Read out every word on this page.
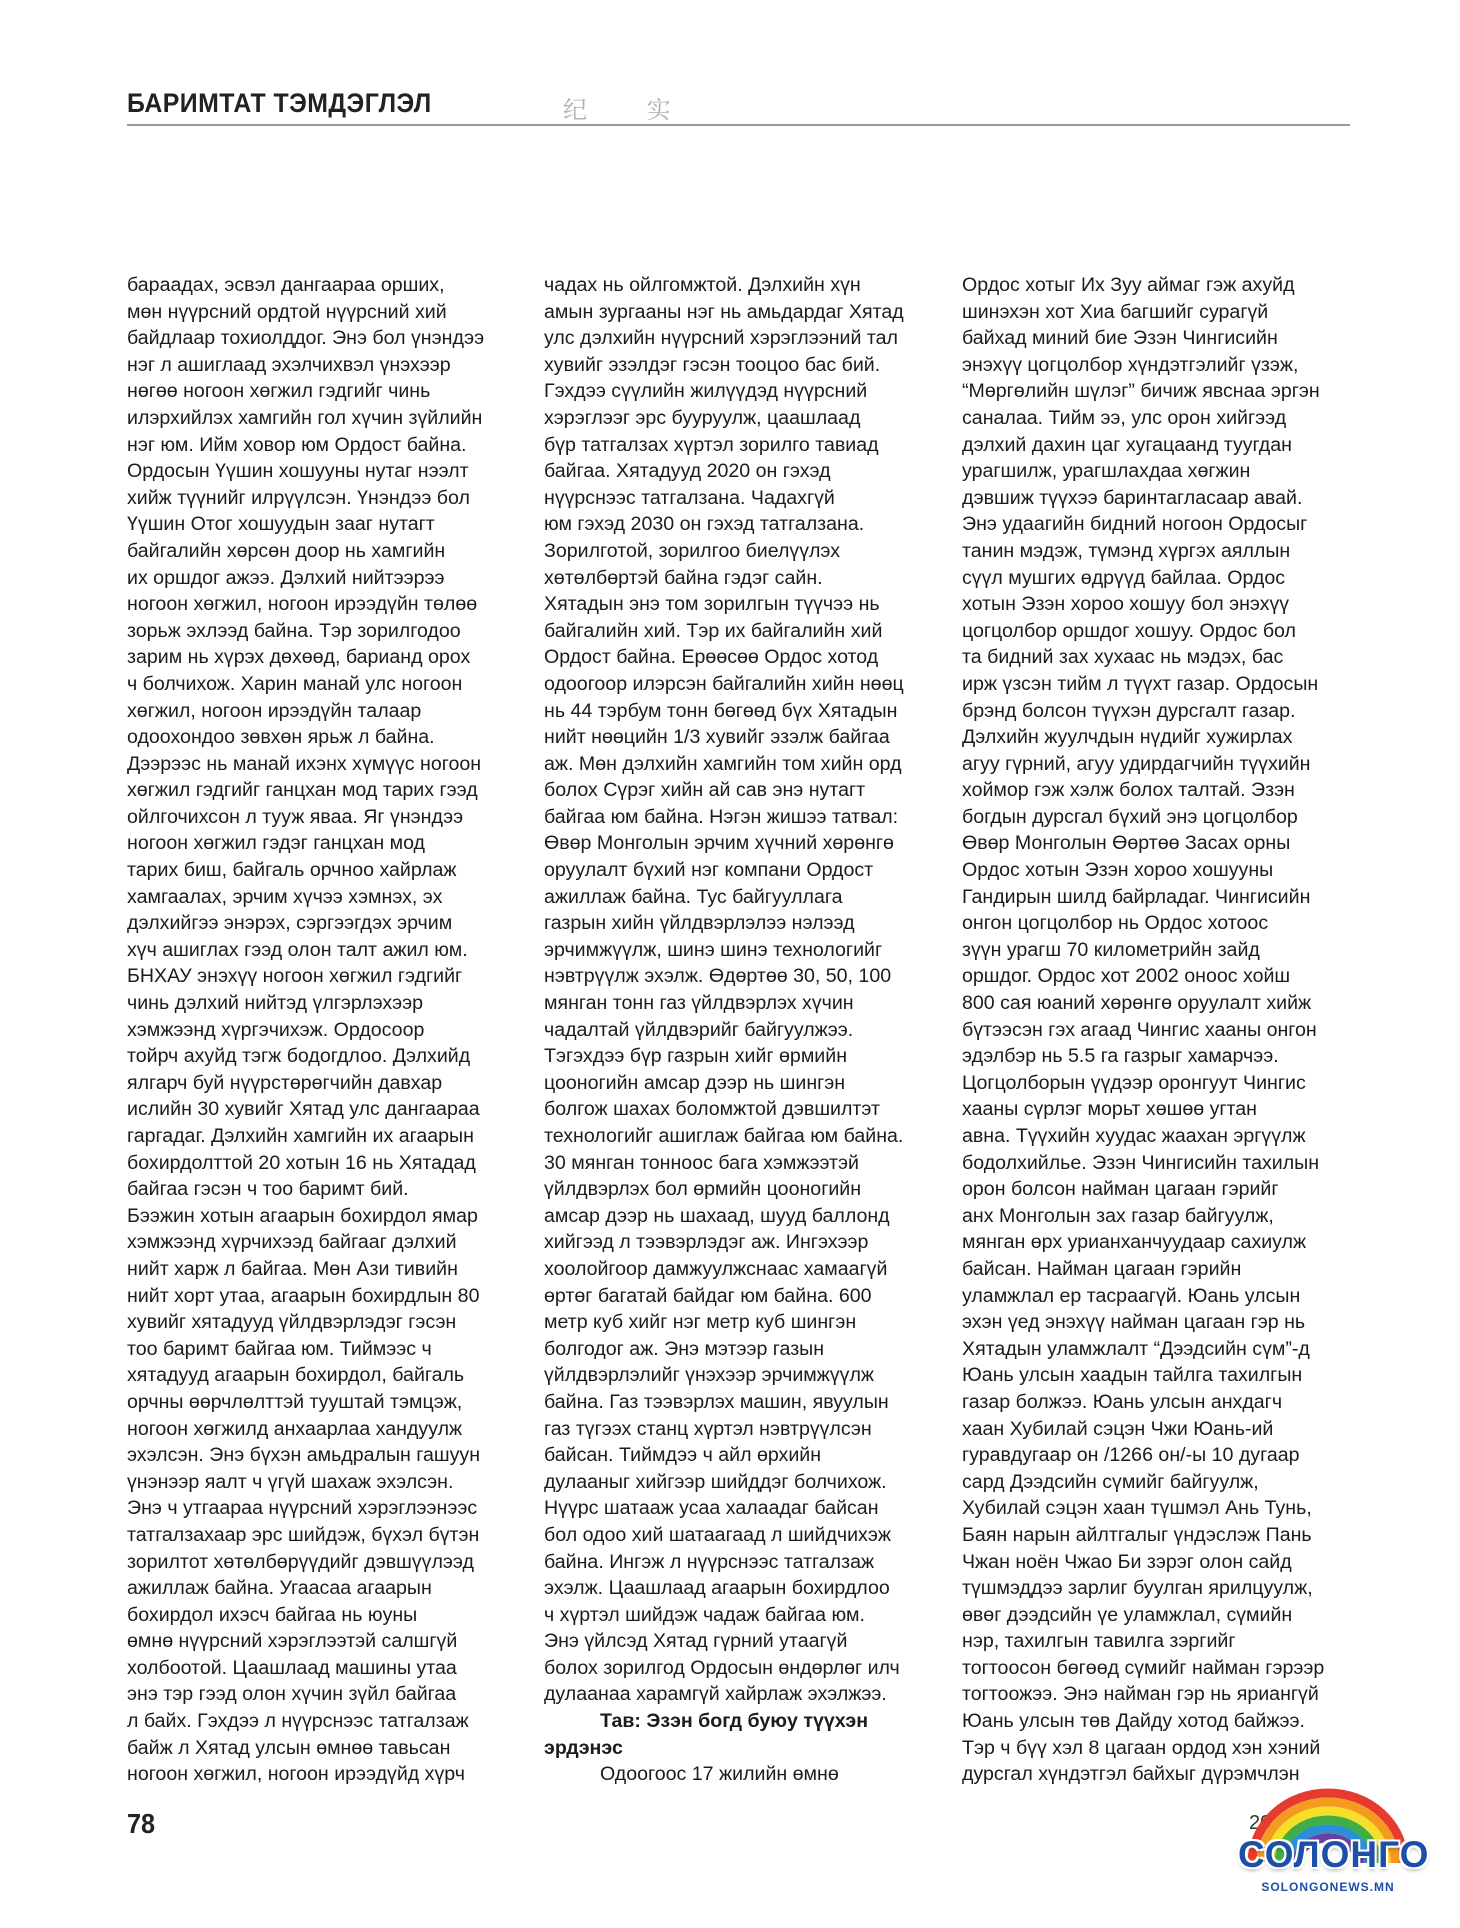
БАРИМТАТ ТЭМДЭГЛЭЛ	纪 实
бараадах, эсвэл дангаараа орших,
мөн нүүрсний ордтой нүүрсний хий
байдлаар тохиолддог. Энэ бол үнэндээ
нэг л ашиглаад эхэлчихвэл үнэхээр
нөгөө ногоон хөгжил гэдгийг чинь
илэрхийлэх хамгийн гол хүчин зүйлийн
нэг юм. Ийм ховор юм Ордост байна.
Ордосын Үүшин хошууны нутаг нээлт
хийж түүнийг илрүүлсэн. Үнэндээ бол
Үүшин Отог хошуудын зааг нутагт
байгалийн хөрсөн доор нь хамгийн
их оршдог ажээ. Дэлхий нийтээрээ
ногоон хөгжил, ногоон ирээдүйн төлөө
зорьж эхлээд байна. Тэр зорилгодоо
зарим нь хүрэх дөхөөд, барианд орох
ч болчихож. Харин манай улс ногоон
хөгжил, ногоон ирээдүйн талаар
одоохондоо зөвхөн ярьж л байна.
Дээрээс нь манай ихэнх хүмүүс ногоон
хөгжил гэдгийг ганцхан мод тарих гээд
ойлгочихсон л тууж яваа. Яг үнэндээ
ногоон хөгжил гэдэг ганцхан мод
тарих биш, байгаль орчноо хайрлаж
хамгаалах, эрчим хүчээ хэмнэх, эх
дэлхийгээ энэрэх, сэргээгдэх эрчим
хүч ашиглах гээд олон талт ажил юм.
БНХАУ энэхүү ногоон хөгжил гэдгийг
чинь дэлхий нийтэд үлгэрлэхээр
хэмжээнд хүргэчихэж. Ордосоор
тойрч ахуйд тэгж бодогдлоо. Дэлхийд
ялгарч буй нүүрстөрөгчийн давхар
ислийн 30 хувийг Хятад улс дангаараа
гаргадаг. Дэлхийн хамгийн их агаарын
бохирдолттой 20 хотын 16 нь Хятадад
байгаа гэсэн ч тоо баримт бий.
Бээжин хотын агаарын бохирдол ямар
хэмжээнд хүрчихээд байгааг дэлхий
нийт харж л байгаа. Мөн Ази тивийн
нийт хорт утаа, агаарын бохирдлын 80
хувийг хятадууд үйлдвэрлэдэг гэсэн
тоо баримт байгаа юм. Тиймээс ч
хятадууд агаарын бохирдол, байгаль
орчны өөрчлөлттэй тууштай тэмцэж,
ногоон хөгжилд анхаарлаа хандуулж
эхэлсэн. Энэ бүхэн амьдралын гашуун
үнэнээр яалт ч үгүй шахаж эхэлсэн.
Энэ ч утгаараа нүүрсний хэрэглээнээс
татгалзахаар эрс шийдэж, бүхэл бүтэн
зорилтот хөтөлбөрүүдийг дэвшүүлээд
ажиллаж байна. Угаасаа агаарын
бохирдол ихэсч байгаа нь юуны
өмнө нүүрсний хэрэглээтэй салшгүй
холбоотой. Цаашлаад машины утаа
энэ тэр гээд олон хүчин зүйл байгаа
л байх. Гэхдээ л нүүрснээс татгалзаж
байж л Хятад улсын өмнөө тавьсан
ногоон хөгжил, ногоон ирээдүйд хүрч
чадах нь ойлгомжтой. Дэлхийн хүн
амын зургааны нэг нь амьдардаг Хятад
улс дэлхийн нүүрсний хэрэглээний тал
хувийг эзэлдэг гэсэн тооцоо бас бий.
Гэхдээ сүүлийн жилүүдэд нүүрсний
хэрэглээг эрс бууруулж, цаашлаад
бүр татгалзах хүртэл зорилго тавиад
байгаа. Хятадууд 2020 он гэхэд
нүүрснээс татгалзана. Чадахгүй
юм гэхэд 2030 он гэхэд татгалзана.
Зорилготой, зорилгоо биелүүлэх
хөтөлбөртэй байна гэдэг сайн.
Хятадын энэ том зорилгын түүчээ нь
байгалийн хий. Тэр их байгалийн хий
Ордост байна. Ерөөсөө Ордос хотод
одоогоор илэрсэн байгалийн хийн нөөц
нь 44 тэрбум тонн бөгөөд бүх Хятадын
нийт нөөцийн 1/3 хувийг эзэлж байгаа
аж. Мөн дэлхийн хамгийн том хийн орд
болох Сүрэг хийн ай сав энэ нутагт
байгаа юм байна. Нэгэн жишээ татвал:
Өвөр Монголын эрчим хүчний хөрөнгө
оруулалт бүхий нэг компани Ордост
ажиллаж байна. Тус байгууллага
газрын хийн үйлдвэрлэлээ нэлээд
эрчимжүүлж, шинэ шинэ технологийг
нэвтрүүлж эхэлж. Өдөртөө 30, 50, 100
мянган тонн газ үйлдвэрлэх хүчин
чадалтай үйлдвэрийг байгуулжээ.
Тэгэхдээ бүр газрын хийг өрмийн
цооногийн амсар дээр нь шингэн
болгож шахах боломжтой дэвшилтэт
технологийг ашиглаж байгаа юм байна.
30 мянган тонноос бага хэмжээтэй
үйлдвэрлэх бол өрмийн цооногийн
амсар дээр нь шахаад, шууд баллонд
хийгээд л тээвэрлэдэг аж. Ингэхээр
хоолойгоор дамжуулжснаас хамаагүй
өртөг багатай байдаг юм байна. 600
метр куб хийг нэг метр куб шингэн
болгодог аж. Энэ мэтээр газын
үйлдвэрлэлийг үнэхээр эрчимжүүлж
байна. Газ тээвэрлэх машин, явуулын
газ түгээх станц хүртэл нэвтрүүлсэн
байсан. Тиймдээ ч айл өрхийн
дулааныг хийгээр шийддэг болчихож.
Нүүрс шатааж усаа халаадаг байсан
бол одоо хий шатаагаад л шийдчихэж
байна. Ингэж л нүүрснээс татгалзаж
эхэлж. Цаашлаад агаарын бохирдлоо
ч хүртэл шийдэж чадаж байгаа юм.
Энэ үйлсэд Хятад гүрний утаагүй
болох зорилгод Ордосын өндөрлөг илч
дулаанаа харамгүй хайрлаж эхэлжээ.
Тав: Эзэн богд буюу түүхэн
эрдэнэс
Одоогоос 17 жилийн өмнө
Ордос хотыг Их Зуу аймаг гэж ахуйд
шинэхэн хот Хиа багшийг сурагүй
байхад миний бие Эзэн Чингисийн
энэхүү цогцолбор хүндэтгэлийг үзэж,
“Мөргөлийн шүлэг” бичиж явснаа эргэн
саналаа. Тийм ээ, улс орон хийгээд
дэлхий дахин цаг хугацаанд туугдан
урагшилж, урагшлахдаа хөгжин
дэвшиж түүхээ баринтагласаар авай.
Энэ удаагийн бидний ногоон Ордосыг
танин мэдэж, түмэнд хүргэх аяллын
сүүл мушгих өдрүүд байлаа. Ордос
хотын Эзэн хороо хошуу бол энэхүү
цогцолбор оршдог хошуу. Ордос бол
та бидний зах хухаас нь мэдэх, бас
ирж үзсэн тийм л түүхт газар. Ордосын
брэнд болсон түүхэн дурсгалт газар.
Дэлхийн жуулчдын нүдийг хужирлах
агуу гүрний, агуу удирдагчийн түүхийн
хоймор гэж хэлж болох талтай. Эзэн
богдын дурсгал бүхий энэ цогцолбор
Өвөр Монголын Өөртөө Засах орны
Ордос хотын Эзэн хороо хошууны
Гандирын шилд байрладаг. Чингисийн
онгон цогцолбор нь Ордос хотоос
зүүн урагш 70 километрийн зайд
оршдог. Ордос хот 2002 оноос хойш
800 сая юаний хөрөнгө оруулалт хийж
бүтээсэн гэх агаад Чингис хааны онгон
эдэлбэр нь 5.5 га газрыг хамарчээ.
Цогцолборын үүдээр оронгуут Чингис
хааны сүрлэг морьт хөшөө угтан
авна. Түүхийн хуудас жаахан эргүүлж
бодолхийлье. Эзэн Чингисийн тахилын
орон болсон найман цагаан гэрийг
анх Монголын зах газар байгуулж,
мянган өрх урианханчуудаар сахиулж
байсан. Найман цагаан гэрийн
уламжлал ер тасраагүй. Юань улсын
эхэн үед энэхүү найман цагаан гэр нь
Хятадын уламжлалт “Дээдсийн сүм”-д
Юань улсын хаадын тайлга тахилгын
газар болжээ. Юань улсын анхдагч
хаан Хубилай сэцэн Чжи Юань-ий
гуравдугаар он /1266 он/-ы 10 дугаар
сард Дээдсийн сүмийг байгуулж,
Хубилай сэцэн хаан түшмэл Ань Тунь,
Баян нарын айлтгалыг үндэслэж Пань
Чжан ноён Чжао Би зэрэг олон сайд
түшмэддээ зарлиг буулган ярилцуулж,
өвөг дээдсийн үе уламжлал, сүмийн
нэр, тахилгын тавилга зэргийг
тогтоосон бөгөөд сүмийг найман гэрээр
тогтоожээ. Энэ найман гэр нь яриангүй
Юань улсын төв Дайду хотод байжээ.
Тэр ч бүү хэл 8 цагаан ордод хэн хэний
дурсгал хүндэтгэл байхыг дүрэмчлэн
78	20 /279
СОЛОНГО
SOLONGONEWS.MN
